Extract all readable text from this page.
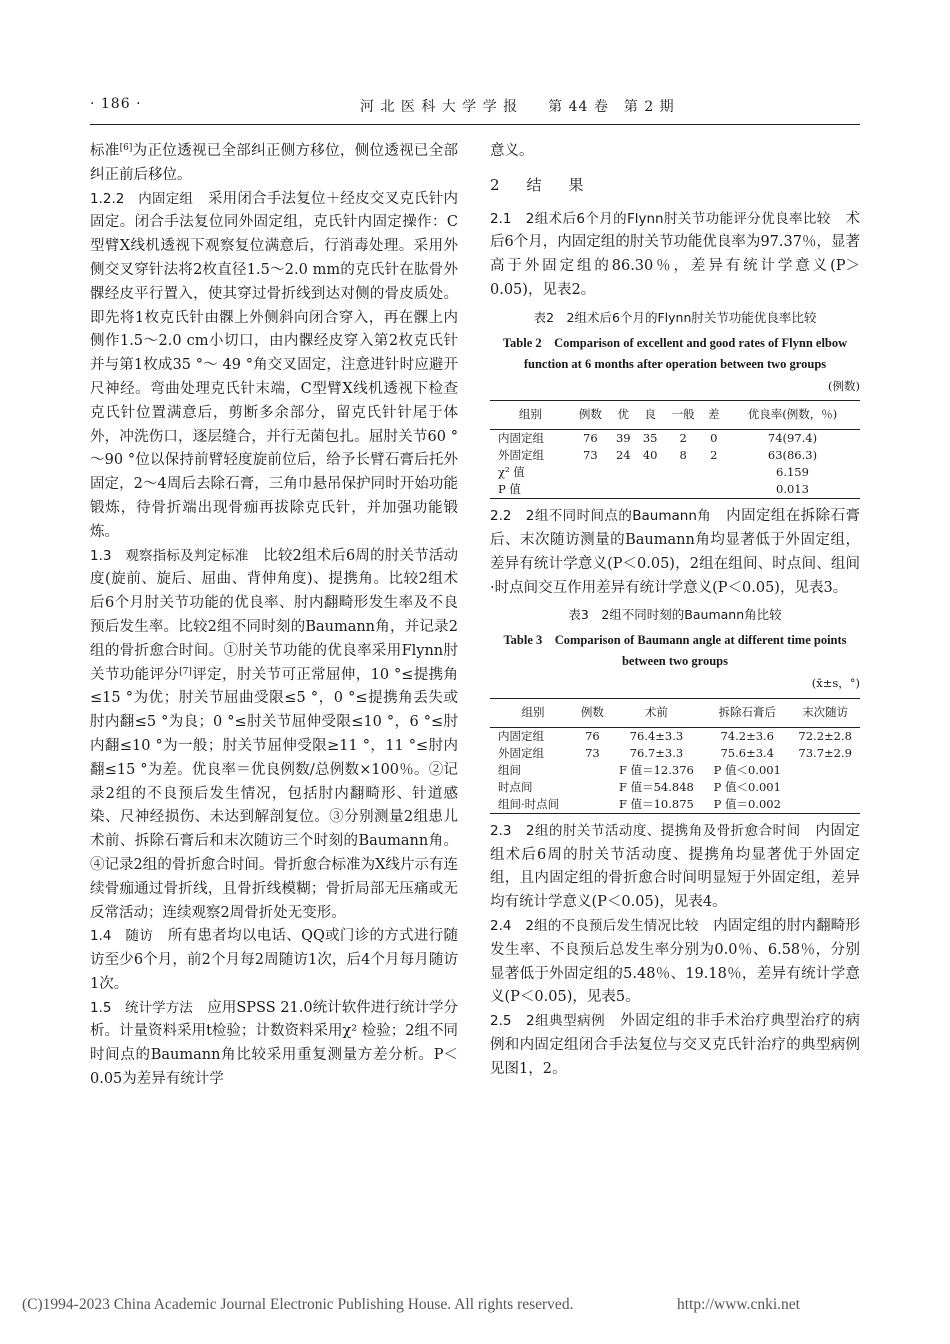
· 186 ·	河 北 医 科 大 学 学 报　　第 44 卷　第 2 期

标准[6]为正位透视已全部纠正侧方移位，侧位透视已全部纠正前后移位。

1.2.2　内固定组　采用闭合手法复位＋经皮交叉克氏针内固定。闭合手法复位同外固定组，克氏针内固定操作：C型臂X线机透视下观察复位满意后，行消毒处理。采用外侧交叉穿针法将2枚直径1.5～2.0 mm的克氏针在肱骨外髁经皮平行置入，使其穿过骨折线到达对侧的骨皮质处。即先将1枚克氏针由髁上外侧斜向闭合穿入，再在髁上内侧作1.5～2.0 cm小切口，由内髁经皮穿入第2枚克氏针并与第1枚成35 °～ 49 °角交叉固定，注意进针时应避开尺神经。弯曲处理克氏针末端，C型臂X线机透视下检查克氏针位置满意后，剪断多余部分，留克氏针针尾于体外，冲洗伤口，逐层缝合，并行无菌包扎。屈肘关节60 °～90 °位以保持前臂轻度旋前位后，给予长臂石膏后托外固定，2～4周后去除石膏，三角巾悬吊保护同时开始功能锻炼，待骨折端出现骨痂再拔除克氏针，并加强功能锻炼。

1.3　观察指标及判定标准　比较2组术后6周的肘关节活动度(旋前、旋后、屈曲、背伸角度)、提携角。比较2组术后6个月肘关节功能的优良率、肘内翻畸形发生率及不良预后发生率。比较2组不同时刻的Baumann角，并记录2组的骨折愈合时间。①肘关节功能的优良率采用Flynn肘关节功能评分[7]评定，肘关节可正常屈伸，10 °≤提携角≤15 °为优；肘关节屈曲受限≤5 °，0 °≤提携角丢失或肘内翻≤5 °为良；0 °≤肘关节屈伸受限≤10 °，6 °≤肘内翻≤10 °为一般；肘关节屈伸受限≥11 °，11 °≤肘内翻≤15 °为差。优良率＝优良例数/总例数×100％。②记录2组的不良预后发生情况，包括肘内翻畸形、针道感染、尺神经损伤、未达到解剖复位。③分别测量2组患儿术前、拆除石膏后和末次随访三个时刻的Baumann角。④记录2组的骨折愈合时间。骨折愈合标准为X线片示有连续骨痂通过骨折线，且骨折线模糊；骨折局部无压痛或无反常活动；连续观察2周骨折处无变形。

1.4　随访　所有患者均以电话、QQ或门诊的方式进行随访至少6个月，前2个月每2周随访1次，后4个月每月随访1次。

1.5　统计学方法　应用SPSS 21.0统计软件进行统计学分析。计量资料采用t检验；计数资料采用χ² 检验；2组不同时间点的Baumann角比较采用重复测量方差分析。P＜0.05为差异有统计学

意义。

2　结　果

2.1　2组术后6个月的Flynn肘关节功能评分优良率比较　术后6个月，内固定组的肘关节功能优良率为97.37％，显著高于外固定组的86.30％，差异有统计学意义(P＞0.05)，见表2。

表2　2组术后6个月的Flynn肘关节功能优良率比较
Table 2　Comparison of excellent and good rates of Flynn elbow function at 6 months after operation between two groups
(例数)
组别	例数	优	良	一般	差	优良率(例数，％)
内固定组	76	39	35	2	0	74(97.4)
外固定组	73	24	40	8	2	63(86.3)
χ² 值						6.159
P 值						0.013

2.2　2组不同时间点的Baumann角　内固定组在拆除石膏后、末次随访测量的Baumann角均显著低于外固定组，差异有统计学意义(P＜0.05)，2组在组间、时点间、组间·时点间交互作用差异有统计学意义(P＜0.05)，见表3。

表3　2组不同时刻的Baumann角比较
Table 3　Comparison of Baumann angle at different time points between two groups
(x̄±s，°)
组别	例数	术前	拆除石膏后	末次随访
内固定组	76	76.4±3.3	74.2±3.6	72.2±2.8
外固定组	73	76.7±3.3	75.6±3.4	73.7±2.9
组间		F 值＝12.376	P 值＜0.001	
时点间		F 值＝54.848	P 值＜0.001	
组间·时点间		F 值＝10.875	P 值＝0.002	

2.3　2组的肘关节活动度、提携角及骨折愈合时间　内固定组术后6周的肘关节活动度、提携角均显著优于外固定组，且内固定组的骨折愈合时间明显短于外固定组，差异均有统计学意义(P＜0.05)，见表4。

2.4　2组的不良预后发生情况比较　内固定组的肘内翻畸形发生率、不良预后总发生率分别为0.0％、6.58％，分别显著低于外固定组的5.48％、19.18％，差异有统计学意义(P＜0.05)，见表5。

2.5　2组典型病例　外固定组的非手术治疗典型治疗的病例和内固定组闭合手法复位与交叉克氏针治疗的典型病例见图1，2。

(C)1994-2023 China Academic Journal Electronic Publishing House. All rights reserved.	http://www.cnki.net
